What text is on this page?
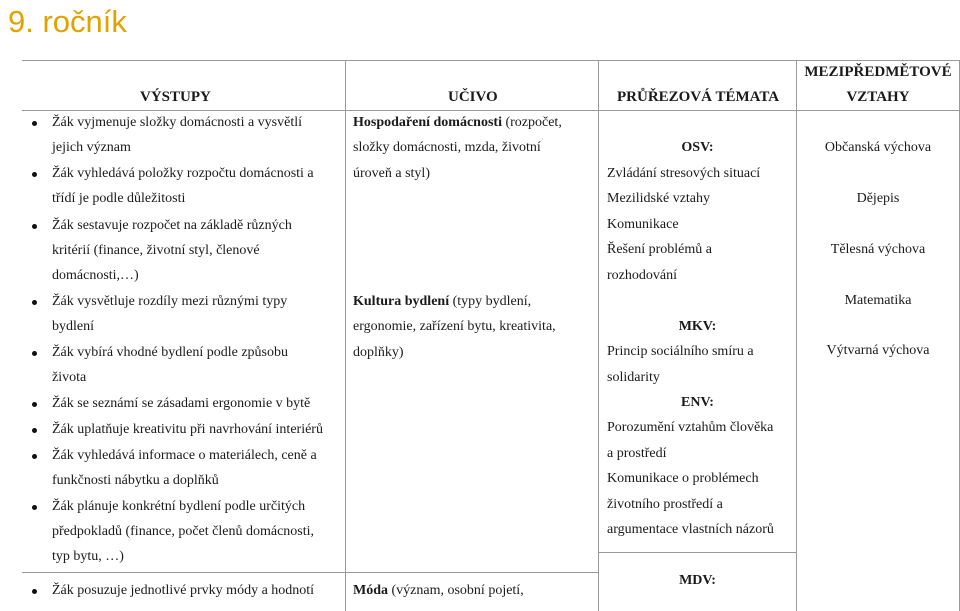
9. ročník
VÝSTUPY	UČIVO	PRŮŘEZOVÁ TÉMATA
MEZIPŘEDMĚTOVÉ
VZTAHY
Žák vyjmenuje složky domácnosti a vysvětlí
jejich význam
Žák vyhledává položky rozpočtu domácnosti a
třídí je podle důležitosti
Žák sestavuje rozpočet na základě různých
kritérií (finance, životní styl, členové
domácnosti,…)
Žák vysvětluje rozdíly mezi různými typy
bydlení
Žák vybírá vhodné bydlení podle způsobu
života
Žák se seznámí se zásadami ergonomie v bytě
Žák uplatňuje kreativitu při navrhování interiérů
Žák vyhledává informace o materiálech, ceně a
funkčnosti nábytku a doplňků
Žák plánuje konkrétní bydlení podle určitých
předpokladů (finance, počet členů domácnosti,
typ bytu, …)
Žák posuzuje jednotlivé prvky módy a hodnotí
Hospodaření domácnosti (rozpočet,
složky domácnosti, mzda, životní
úroveň a styl)
Kultura bydlení (typy bydlení,
ergonomie, zařízení bytu, kreativita,
doplňky)
Móda (význam, osobní pojetí,
OSV:
Zvládání stresových situací
Mezilidské vztahy
Komunikace
Řešení problémů a
rozhodování
MKV:
Princip sociálního smíru a
solidarity
ENV:
Porozumění vztahům člověka
a prostředí
Komunikace o problémech
životního prostředí a
argumentace vlastních názorů
MDV:
Občanská výchova
Dějepis
Tělesná výchova
Matematika
Výtvarná výchova
